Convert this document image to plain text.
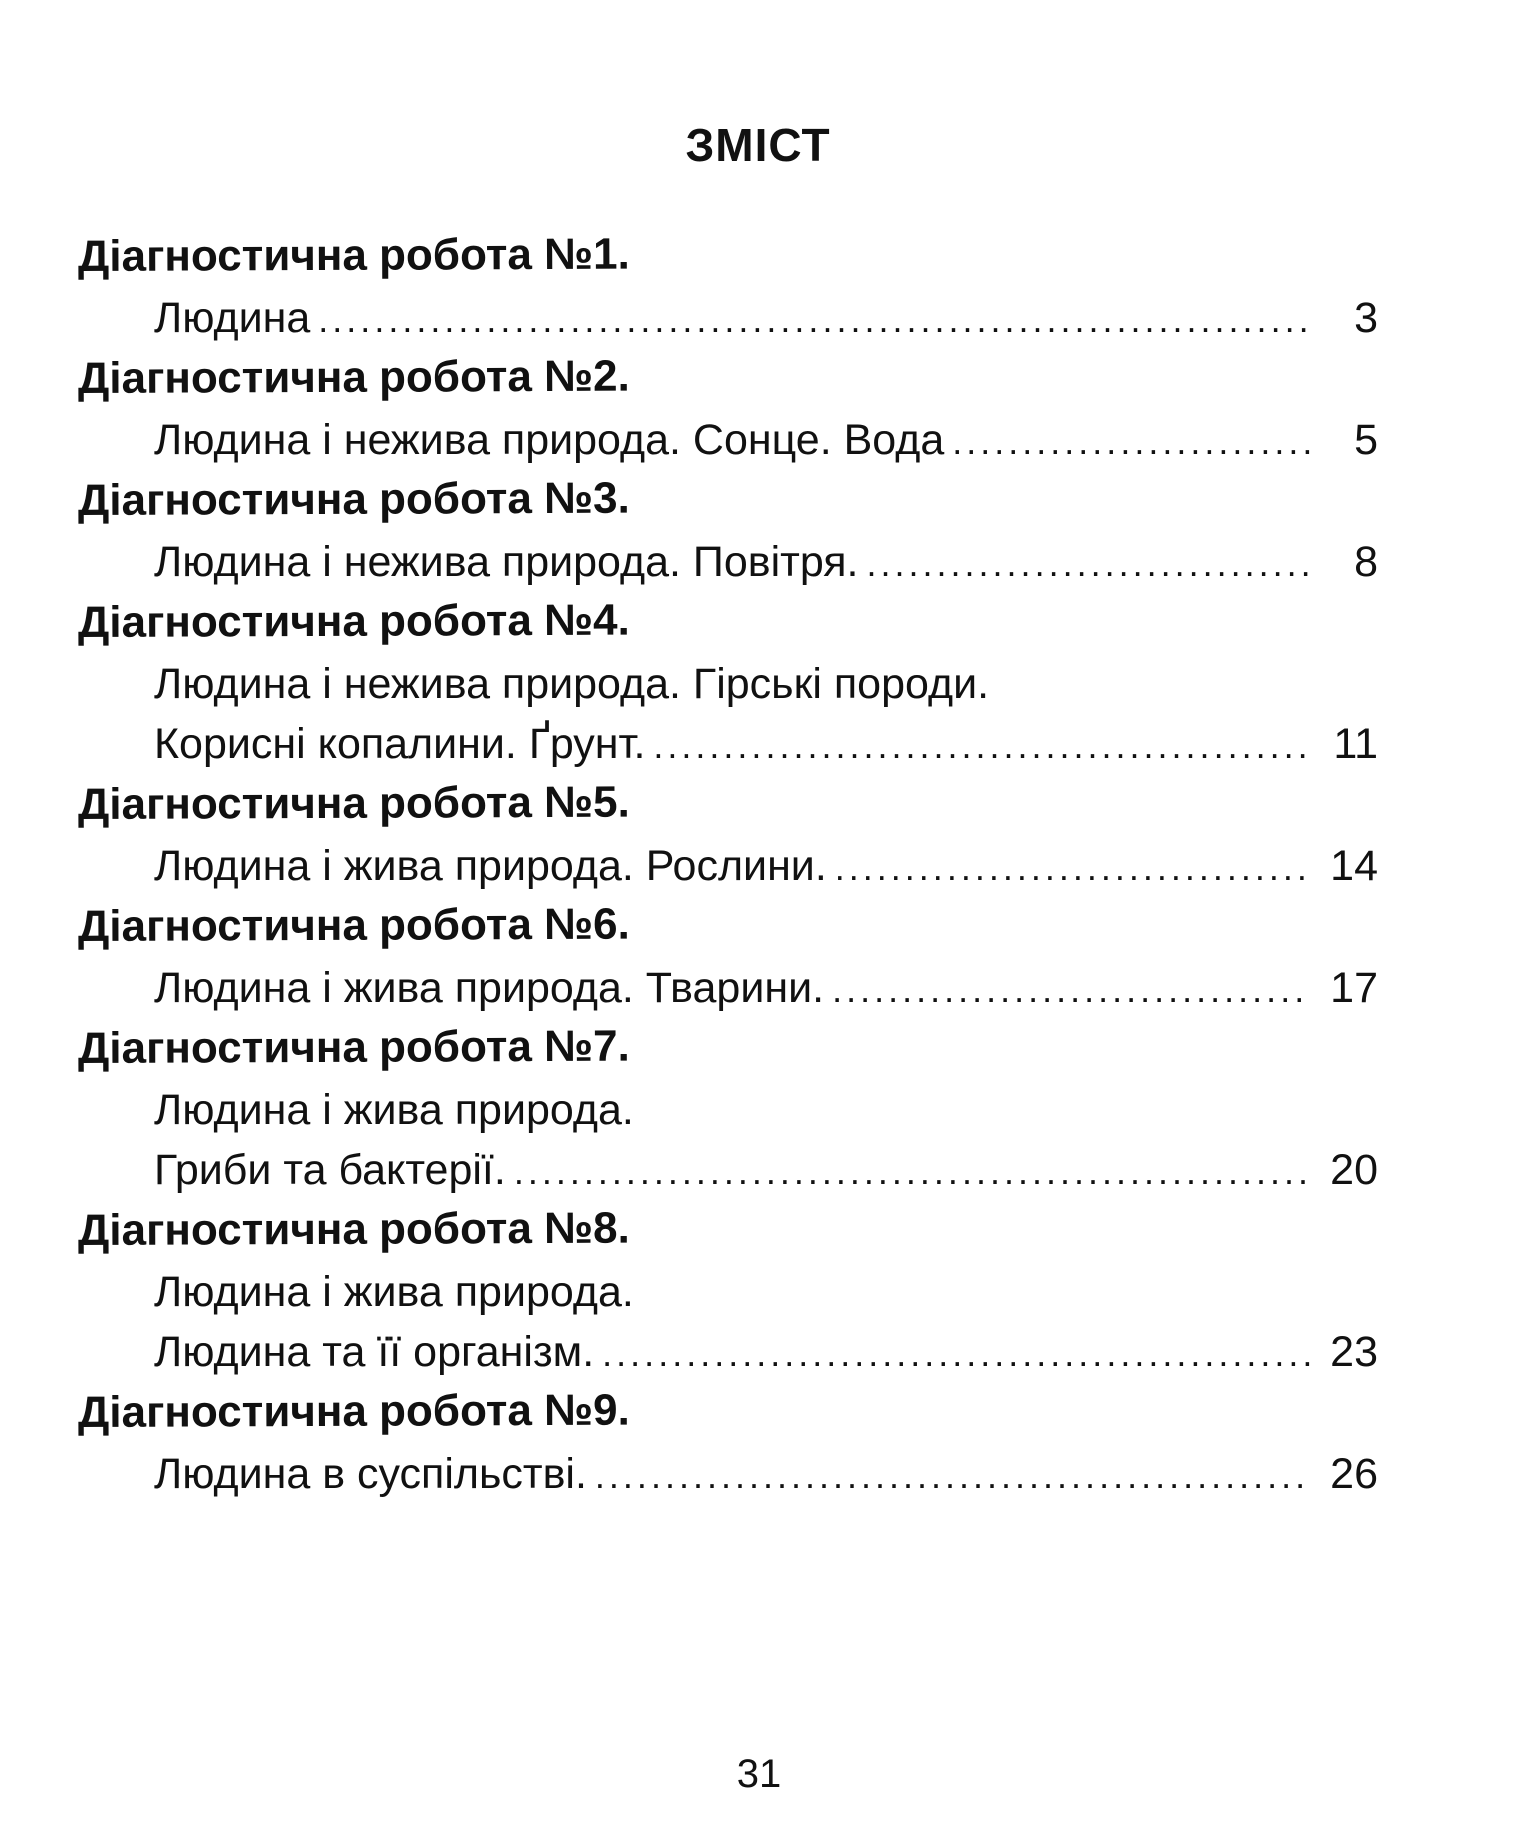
ЗМІСТ
Діагностична робота №1.
Людина . . .	3
Діагностична робота №2.
Людина і нежива природа. Сонце. Вода . . .	5
Діагностична робота №3.
Людина і нежива природа. Повітря. . . .	8
Діагностична робота №4.
Людина і нежива природа. Гірські породи.
Корисні копалини. Ґрунт. . . .	11
Діагностична робота №5.
Людина і жива природа. Рослини. . . .	14
Діагностична робота №6.
Людина і жива природа. Тварини. . . .	17
Діагностична робота №7.
Людина і жива природа.
Гриби та бактерії. . . .	20
Діагностична робота №8.
Людина і жива природа.
Людина та її організм. . . .	23
Діагностична робота №9.
Людина в суспільстві. . . .	26
31
